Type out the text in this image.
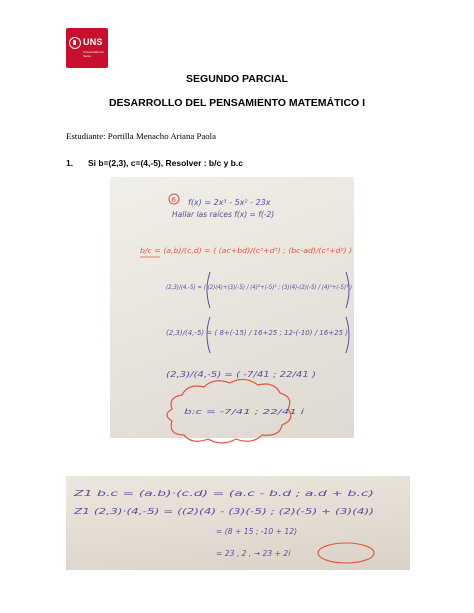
UNS
Universidad del Santa
SEGUNDO PARCIAL
DESARROLLO DEL PENSAMIENTO MATEMÁTICO I
Estudiante: Portilla Menacho Ariana Paola
1. Si b=(2,3), c=(4,-5), Resolver : b/c y b.c
6 f(x) = 2x³ - 5x² - 23x
Hallar las raíces f(x) = f(-2)
b/c = (a,b)/(c,d) = ( (ac+bd)/(c²+d²) ; (bc-ad)/(c²+d²) )
(2,3)/(4,-5) = ( (2)(4)+(3)(-5) / (4)²+(-5)² ; (3)(4)-(2)(-5) / (4)²+(-5)² )
(2,3)/(4,-5) = ( 8+(-15) / 16+25 ; 12-(-10) / 16+25 )
(2,3)/(4,-5) = ( -7/41 ; 22/41 )
b:c = -7/41 ; 22/41 i
Z1 b.c = (a.b)·(c.d) = (a.c - b.d ; a.d + b.c)
Z1 (2,3)·(4,-5) = ((2)(4) - (3)(-5) ; (2)(-5) + (3)(4))
= (8 + 15 ; -10 + 12)
= 23 , 2 , → 23 + 2i
